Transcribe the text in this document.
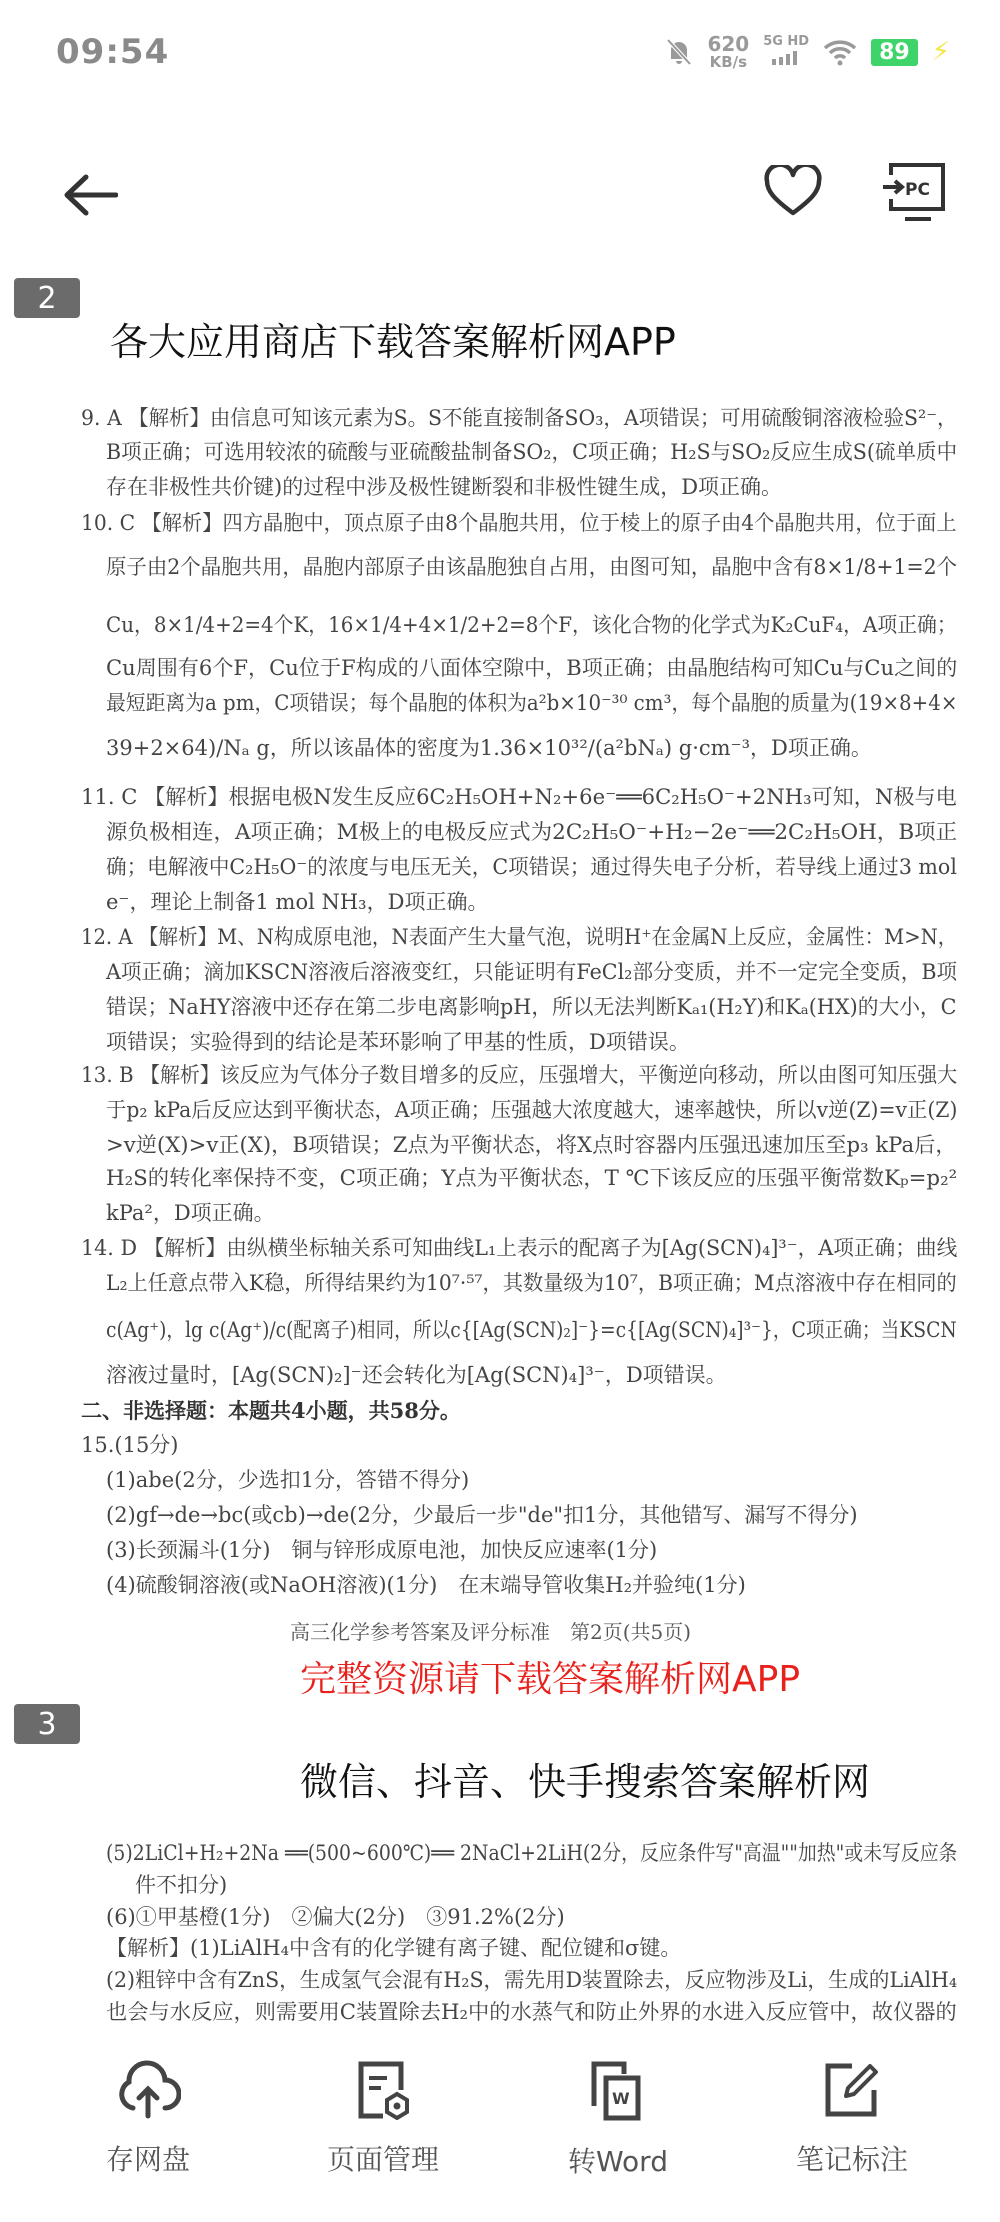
09:54	620
KB/s
5G HD	89 ⚡
PC
2
9. A 【解析】由信息可知该元素为S。S不能直接制备SO₃，A项错误；可用硫酸铜溶液检验S²⁻，
B项正确；可选用较浓的硫酸与亚硫酸盐制备SO₂，C项正确；H₂S与SO₂反应生成S(硫单质中
存在非极性共价键)的过程中涉及极性键断裂和非极性键生成，D项正确。
10. C 【解析】四方晶胞中，顶点原子由8个晶胞共用，位于棱上的原子由4个晶胞共用，位于面上
原子由2个晶胞共用，晶胞内部原子由该晶胞独自占用，由图可知，晶胞中含有8×1/8+1=2个
Cu，8×1/4+2=4个K，16×1/4+4×1/2+2=8个F，该化合物的化学式为K₂CuF₄，A项正确；
Cu周围有6个F，Cu位于F构成的八面体空隙中，B项正确；由晶胞结构可知Cu与Cu之间的
最短距离为a pm，C项错误；每个晶胞的体积为a²b×10⁻³⁰ cm³，每个晶胞的质量为(19×8+4×
39+2×64)/Nₐ g，所以该晶体的密度为1.36×10³²/(a²bNₐ) g·cm⁻³，D项正确。
11. C 【解析】根据电极N发生反应6C₂H₅OH+N₂+6e⁻══6C₂H₅O⁻+2NH₃可知，N极与电
源负极相连，A项正确；M极上的电极反应式为2C₂H₅O⁻+H₂−2e⁻══2C₂H₅OH，B项正
确；电解液中C₂H₅O⁻的浓度与电压无关，C项错误；通过得失电子分析，若导线上通过3 mol
e⁻，理论上制备1 mol NH₃，D项正确。
12. A 【解析】M、N构成原电池，N表面产生大量气泡，说明H⁺在金属N上反应，金属性：M>N，
A项正确；滴加KSCN溶液后溶液变红，只能证明有FeCl₂部分变质，并不一定完全变质，B项
错误；NaHY溶液中还存在第二步电离影响pH，所以无法判断Kₐ₁(H₂Y)和Kₐ(HX)的大小，C
项错误；实验得到的结论是苯环影响了甲基的性质，D项错误。
13. B 【解析】该反应为气体分子数目增多的反应，压强增大，平衡逆向移动，所以由图可知压强大
于p₂ kPa后反应达到平衡状态，A项正确；压强越大浓度越大，速率越快，所以v逆(Z)=v正(Z)
>v逆(X)>v正(X)，B项错误；Z点为平衡状态，将X点时容器内压强迅速加压至p₃ kPa后，
H₂S的转化率保持不变，C项正确；Y点为平衡状态，T ℃下该反应的压强平衡常数Kₚ=p₂²
kPa²，D项正确。
14. D 【解析】由纵横坐标轴关系可知曲线L₁上表示的配离子为[Ag(SCN)₄]³⁻，A项正确；曲线
L₂上任意点带入K稳，所得结果约为10⁷·⁵⁷，其数量级为10⁷，B项正确；M点溶液中存在相同的
c(Ag⁺)，lg c(Ag⁺)/c(配离子)相同，所以c{[Ag(SCN)₂]⁻}=c{[Ag(SCN)₄]³⁻}，C项正确；当KSCN
溶液过量时，[Ag(SCN)₂]⁻还会转化为[Ag(SCN)₄]³⁻，D项错误。
二、非选择题：本题共4小题，共58分。
15.(15分)
(1)abe(2分，少选扣1分，答错不得分)
(2)gf→de→bc(或cb)→de(2分，少最后一步"de"扣1分，其他错写、漏写不得分)
(3)长颈漏斗(1分)　铜与锌形成原电池，加快反应速率(1分)
(4)硫酸铜溶液(或NaOH溶液)(1分)　在末端导管收集H₂并验纯(1分)
高三化学参考答案及评分标准　第2页(共5页)
(5)2LiCl+H₂+2Na ══(500~600℃)══ 2NaCl+2LiH(2分，反应条件写"高温""加热"或未写反应条
件不扣分)
(6)①甲基橙(1分)　②偏大(2分)　③91.2%(2分)
【解析】(1)LiAlH₄中含有的化学键有离子键、配位键和σ键。
(2)粗锌中含有ZnS，生成氢气会混有H₂S，需先用D装置除去，反应物涉及Li，生成的LiAlH₄
也会与水反应，则需要用C装置除去H₂中的水蒸气和防止外界的水进入反应管中，故仪器的
3
各大应用商店下载答案解析网APP
完整资源请下载答案解析网APP
微信、抖音、快手搜索答案解析网
存网盘	页面管理
W
转Word	笔记标注
